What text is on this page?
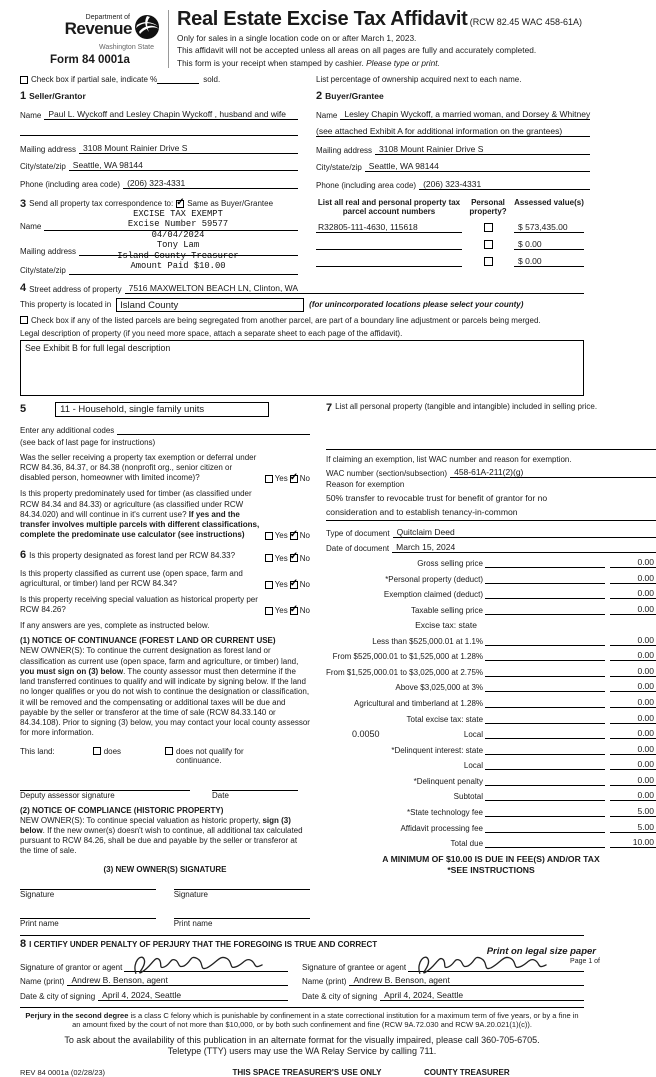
Department of
Revenue
Washington State
Form 84 0001a
Real Estate Excise Tax Affidavit (RCW 82.45 WAC 458-61A)
Only for sales in a single location code on or after March 1, 2023.
This affidavit will not be accepted unless all areas on all pages are fully and accurately completed.
This form is your receipt when stamped by cashier. Please type or print.
Check box if partial sale, indicate %	sold.	List percentage of ownership acquired next to each name.
1 Seller/Grantor
Name Paul L. Wyckoff and Lesley Chapin Wyckoff , husband and wife
Mailing address 3108 Mount Rainier Drive S
City/state/zip Seattle, WA 98144
Phone (including area code) (206) 323-4331
2 Buyer/Grantee
Name Lesley Chapin Wyckoff, a married woman, and Dorsey & Whitney
(see attached Exhibit A for additional information on the grantees)
Mailing address 3108 Mount Rainier Drive S
City/state/zip Seattle, WA 98144
Phone (including area code) (206) 323-4331
3 Send all property tax correspondence to: ✓ Same as Buyer/Grantee
Name
Mailing address
City/state/zip
EXCISE TAX EXEMPT
Excise Number 59577
04/04/2024
Tony Lam
Island County Treasurer
Amount Paid $10.00
List all real and personal property tax parcel account numbers
Personal property?
Assessed value(s)
R32805-111-4630, 115618	$ 573,435.00
$ 0.00
$ 0.00
4 Street address of property 7516 MAXWELTON BEACH LN, Clinton, WA
This property is located in Island County	(for unincorporated locations please select your county)
Check box if any of the listed parcels are being segregated from another parcel, are part of a boundary line adjustment or parcels being merged.
Legal description of property (if you need more space, attach a separate sheet to each page of the affidavit).
See Exhibit B for full legal description
5	11 - Household, single family units
Enter any additional codes
(see back of last page for instructions)
Was the seller receiving a property tax exemption or deferral under RCW 84.36, 84.37, or 84.38 (nonprofit org., senior citizen or disabled person, homeowner with limited income)?	Yes ✓ No
Is this property predominately used for timber (as classified under RCW 84.34 and 84.33) or agriculture (as classified under RCW 84.34.020) and will continue in it's current use? If yes and the transfer involves multiple parcels with different classifications, complete the predominate use calculator (see instructions)	Yes ✓ No
6 Is this property designated as forest land per RCW 84.33?	Yes ✓ No
Is this property classified as current use (open space, farm and agricultural, or timber) land per RCW 84.34?	Yes ✓ No
Is this property receiving special valuation as historical property per RCW 84.26?	Yes ✓ No
If any answers are yes, complete as instructed below.
(1) NOTICE OF CONTINUANCE (FOREST LAND OR CURRENT USE)
NEW OWNER(S): To continue the current designation as forest land or classification as current use (open space, farm and agriculture, or timber) land, you must sign on (3) below. The county assessor must then determine if the land transferred continues to qualify and will indicate by signing below. If the land no longer qualifies or you do not wish to continue the designation or classification, it will be removed and the compensating or additional taxes will be due and payable by the seller or transferor at the time of sale (RCW 84.33.140 or 84.34.108). Prior to signing (3) below, you may contact your local county assessor for more information.
This land:	does	does not qualify for continuance.
Deputy assessor signature	Date
(2) NOTICE OF COMPLIANCE (HISTORIC PROPERTY)
NEW OWNER(S): To continue special valuation as historic property, sign (3) below. If the new owner(s) doesn't wish to continue, all additional tax calculated pursuant to RCW 84.26, shall be due and payable by the seller or transferor at the time of sale.
(3) NEW OWNER(S) SIGNATURE
Signature	Signature
Print name	Print name
7 List all personal property (tangible and intangible) included in selling price.
If claiming an exemption, list WAC number and reason for exemption.
WAC number (section/subsection) 458-61A-211(2)(g)
Reason for exemption
50% transfer to revocable trust for benefit of grantor for no
consideration and to establish tenancy-in-common
Type of document Quitclaim Deed
Date of document March 15, 2024
Gross selling price	0.00
*Personal property (deduct)	0.00
Exemption claimed (deduct)	0.00
Taxable selling price	0.00
Excise tax: state
Less than $525,000.01 at 1.1%	0.00
From $525,000.01 to $1,525,000 at 1.28%	0.00
From $1,525,000.01 to $3,025,000 at 2.75%	0.00
Above $3,025,000 at 3%	0.00
Agricultural and timberland at 1.28%	0.00
Total excise tax: state	0.00
0.0050	Local	0.00
*Delinquent interest: state	0.00
Local	0.00
*Delinquent penalty	0.00
Subtotal	0.00
*State technology fee	5.00
Affidavit processing fee	5.00
Total due	10.00
A MINIMUM OF $10.00 IS DUE IN FEE(S) AND/OR TAX
*SEE INSTRUCTIONS
8 I CERTIFY UNDER PENALTY OF PERJURY THAT THE FOREGOING IS TRUE AND CORRECT
Signature of grantor or agent
Name (print) Andrew B. Benson, agent
Date & city of signing April 4, 2024, Seattle
Signature of grantee or agent
Name (print) Andrew B. Benson, agent
Date & city of signing April 4, 2024, Seattle
Perjury in the second degree is a class C felony which is punishable by confinement in a state correctional institution for a maximum term of five years, or by a fine in an amount fixed by the court of not more than $10,000, or by both such confinement and fine (RCW 9A.72.030 and RCW 9A.20.021(1)(c)).
To ask about the availability of this publication in an alternate format for the visually impaired, please call 360-705-6705. Teletype (TTY) users may use the WA Relay Service by calling 711.
REV 84 0001a (02/28/23)	THIS SPACE TREASURER'S USE ONLY	COUNTY TREASURER
Print on legal size paper
Page 1 of
